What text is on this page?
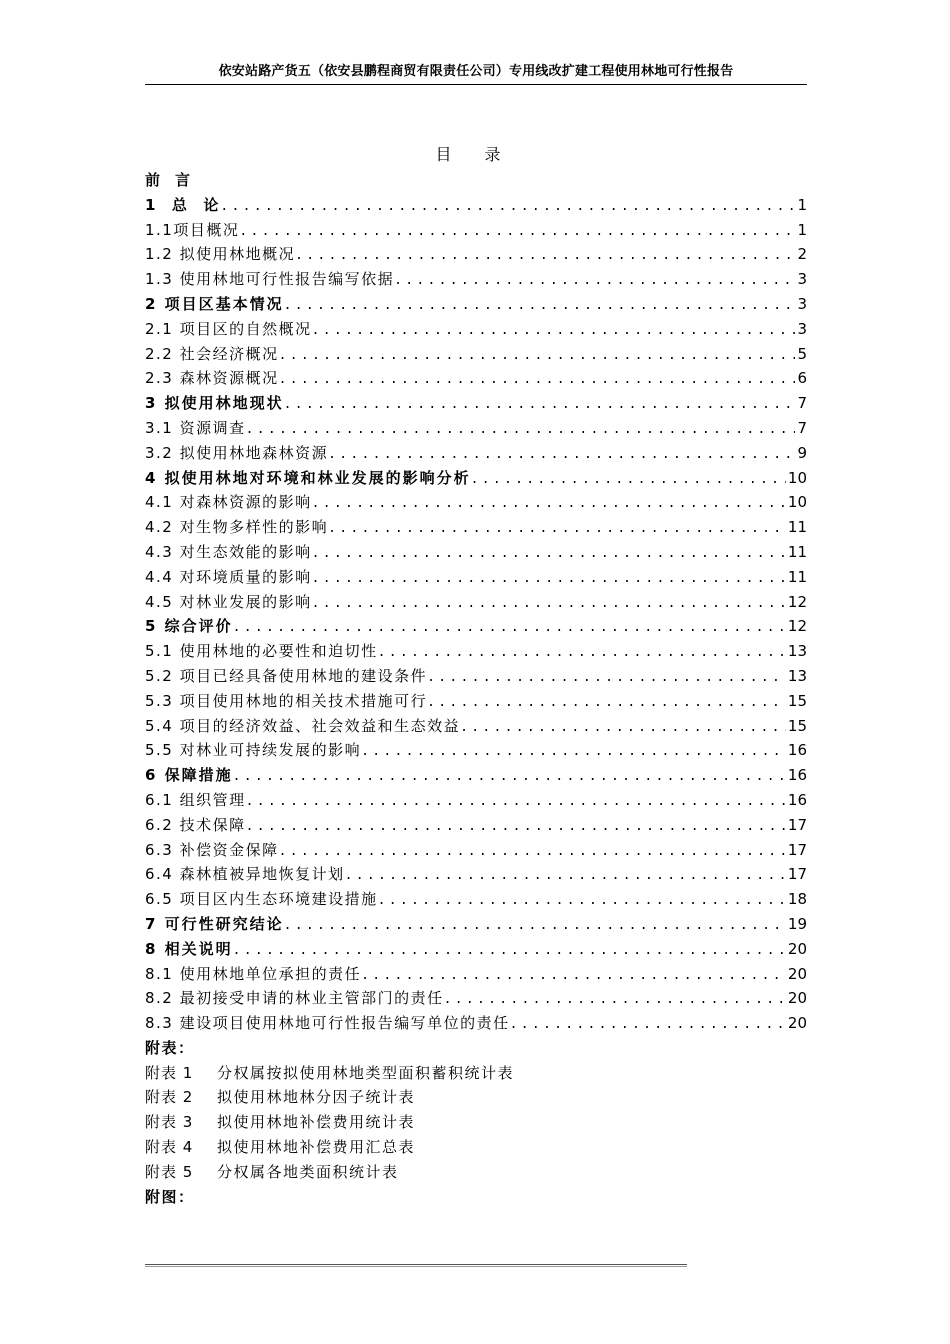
依安站路产货五（依安县鹏程商贸有限责任公司）专用线改扩建工程使用林地可行性报告
目 录
前  言
1  总  论 .....	1
1.1项目概况 .....	1
1.2 拟使用林地概况 .....	2
1.3 使用林地可行性报告编写依据 .....	3
2 项目区基本情况 .....	3
2.1 项目区的自然概况 .....	3
2.2 社会经济概况 .....	5
2.3 森林资源概况 .....	6
3 拟使用林地现状 .....	7
3.1 资源调查 .....	7
3.2 拟使用林地森林资源 .....	9
4 拟使用林地对环境和林业发展的影响分析 .....	10
4.1 对森林资源的影响 .....	10
4.2 对生物多样性的影响 .....	11
4.3 对生态效能的影响 .....	11
4.4 对环境质量的影响 .....	11
4.5 对林业发展的影响 .....	12
5 综合评价 .....	12
5.1 使用林地的必要性和迫切性 .....	13
5.2 项目已经具备使用林地的建设条件 .....	13
5.3 项目使用林地的相关技术措施可行 .....	15
5.4 项目的经济效益、社会效益和生态效益 .....	15
5.5 对林业可持续发展的影响 .....	16
6 保障措施 .....	16
6.1 组织管理 .....	16
6.2 技术保障 .....	17
6.3 补偿资金保障 .....	17
6.4 森林植被异地恢复计划 .....	17
6.5 项目区内生态环境建设措施 .....	18
7 可行性研究结论 .....	19
8 相关说明 .....	20
8.1 使用林地单位承担的责任 .....	20
8.2 最初接受申请的林业主管部门的责任 .....	20
8.3 建设项目使用林地可行性报告编写单位的责任 .....	20
附表：
附表 1 分权属按拟使用林地类型面积蓄积统计表
附表 2 拟使用林地林分因子统计表
附表 3 拟使用林地补偿费用统计表
附表 4 拟使用林地补偿费用汇总表
附表 5 分权属各地类面积统计表
附图：
